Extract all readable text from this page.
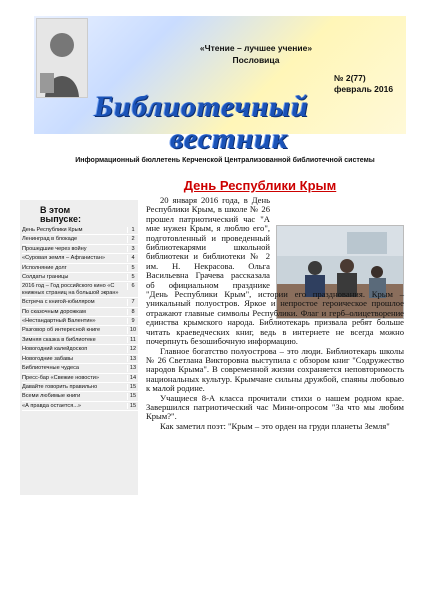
«Чтение – лучшее учение»
Пословица
№ 2(77)
февраль 2016
Библиотечный
вестник
Информационный бюллетень Керченской Централизованной библиотечной системы
День Республики Крым
В этом
выпуске:
День Республики Крым	1
Ленинград в блокаде	2
Прошедшие через войну	3
«Суровая земля – Афганистан»	4
Исполняние долг	5
Солдаты границы	5
2016 год – Год российского кино «С книжных страниц на большой экран»
6
Встреча с книгой-юбиляром	7
По сказочным дорожкам	8
«Нестандартный Валентин»	9
Разговор об интересной книге	10
Зимняя сказка в библиотеке	11
Новогодний калейдоскоп	12
Новогодние забавы	13
Библиотечные чудеса	13
Пресс-бар «Свежие новости»	14
Давайте говорить правильно	15
Всеми любимые книги	15
«А правда остается...»	15

20 января 2016 года, в День Республики Крым, в школе № 26 прошел патриотический час "А мне нужен Крым, я люблю его", подготовленный и проведенный библиотекарями школьной библиотеки и библиотеки № 2 им. Н. Некрасова. Ольга Васильевна Грачева рассказала об официальном празднике "День Республики Крым", истории его празднования. Крым – уникальный полуостров. Яркое и непростое героическое прошлое отражают главные символы Республики. Флаг и герб–олицетворение единства крымского народа. Библиотекарь призвала ребят больше читать краеведческих книг, ведь в интернете не всегда можно почерпнуть безошибочную информацию.

Главное богатство полуострова – это люди. Библиотекарь школы № 26 Светлана Викторовна выступила с обзором книг "Содружество народов Крыма". В современной жизни сохраняется неповторимость национальных культур. Крымчане сильны дружбой, спаяны любовью к малой родине.

Учащиеся 8-А класса прочитали стихи о нашем родном крае. Завершился патриотический час Мини-опросом "За что мы любим Крым?".

Как заметил поэт: "Крым – это орден на груди планеты Земля"
